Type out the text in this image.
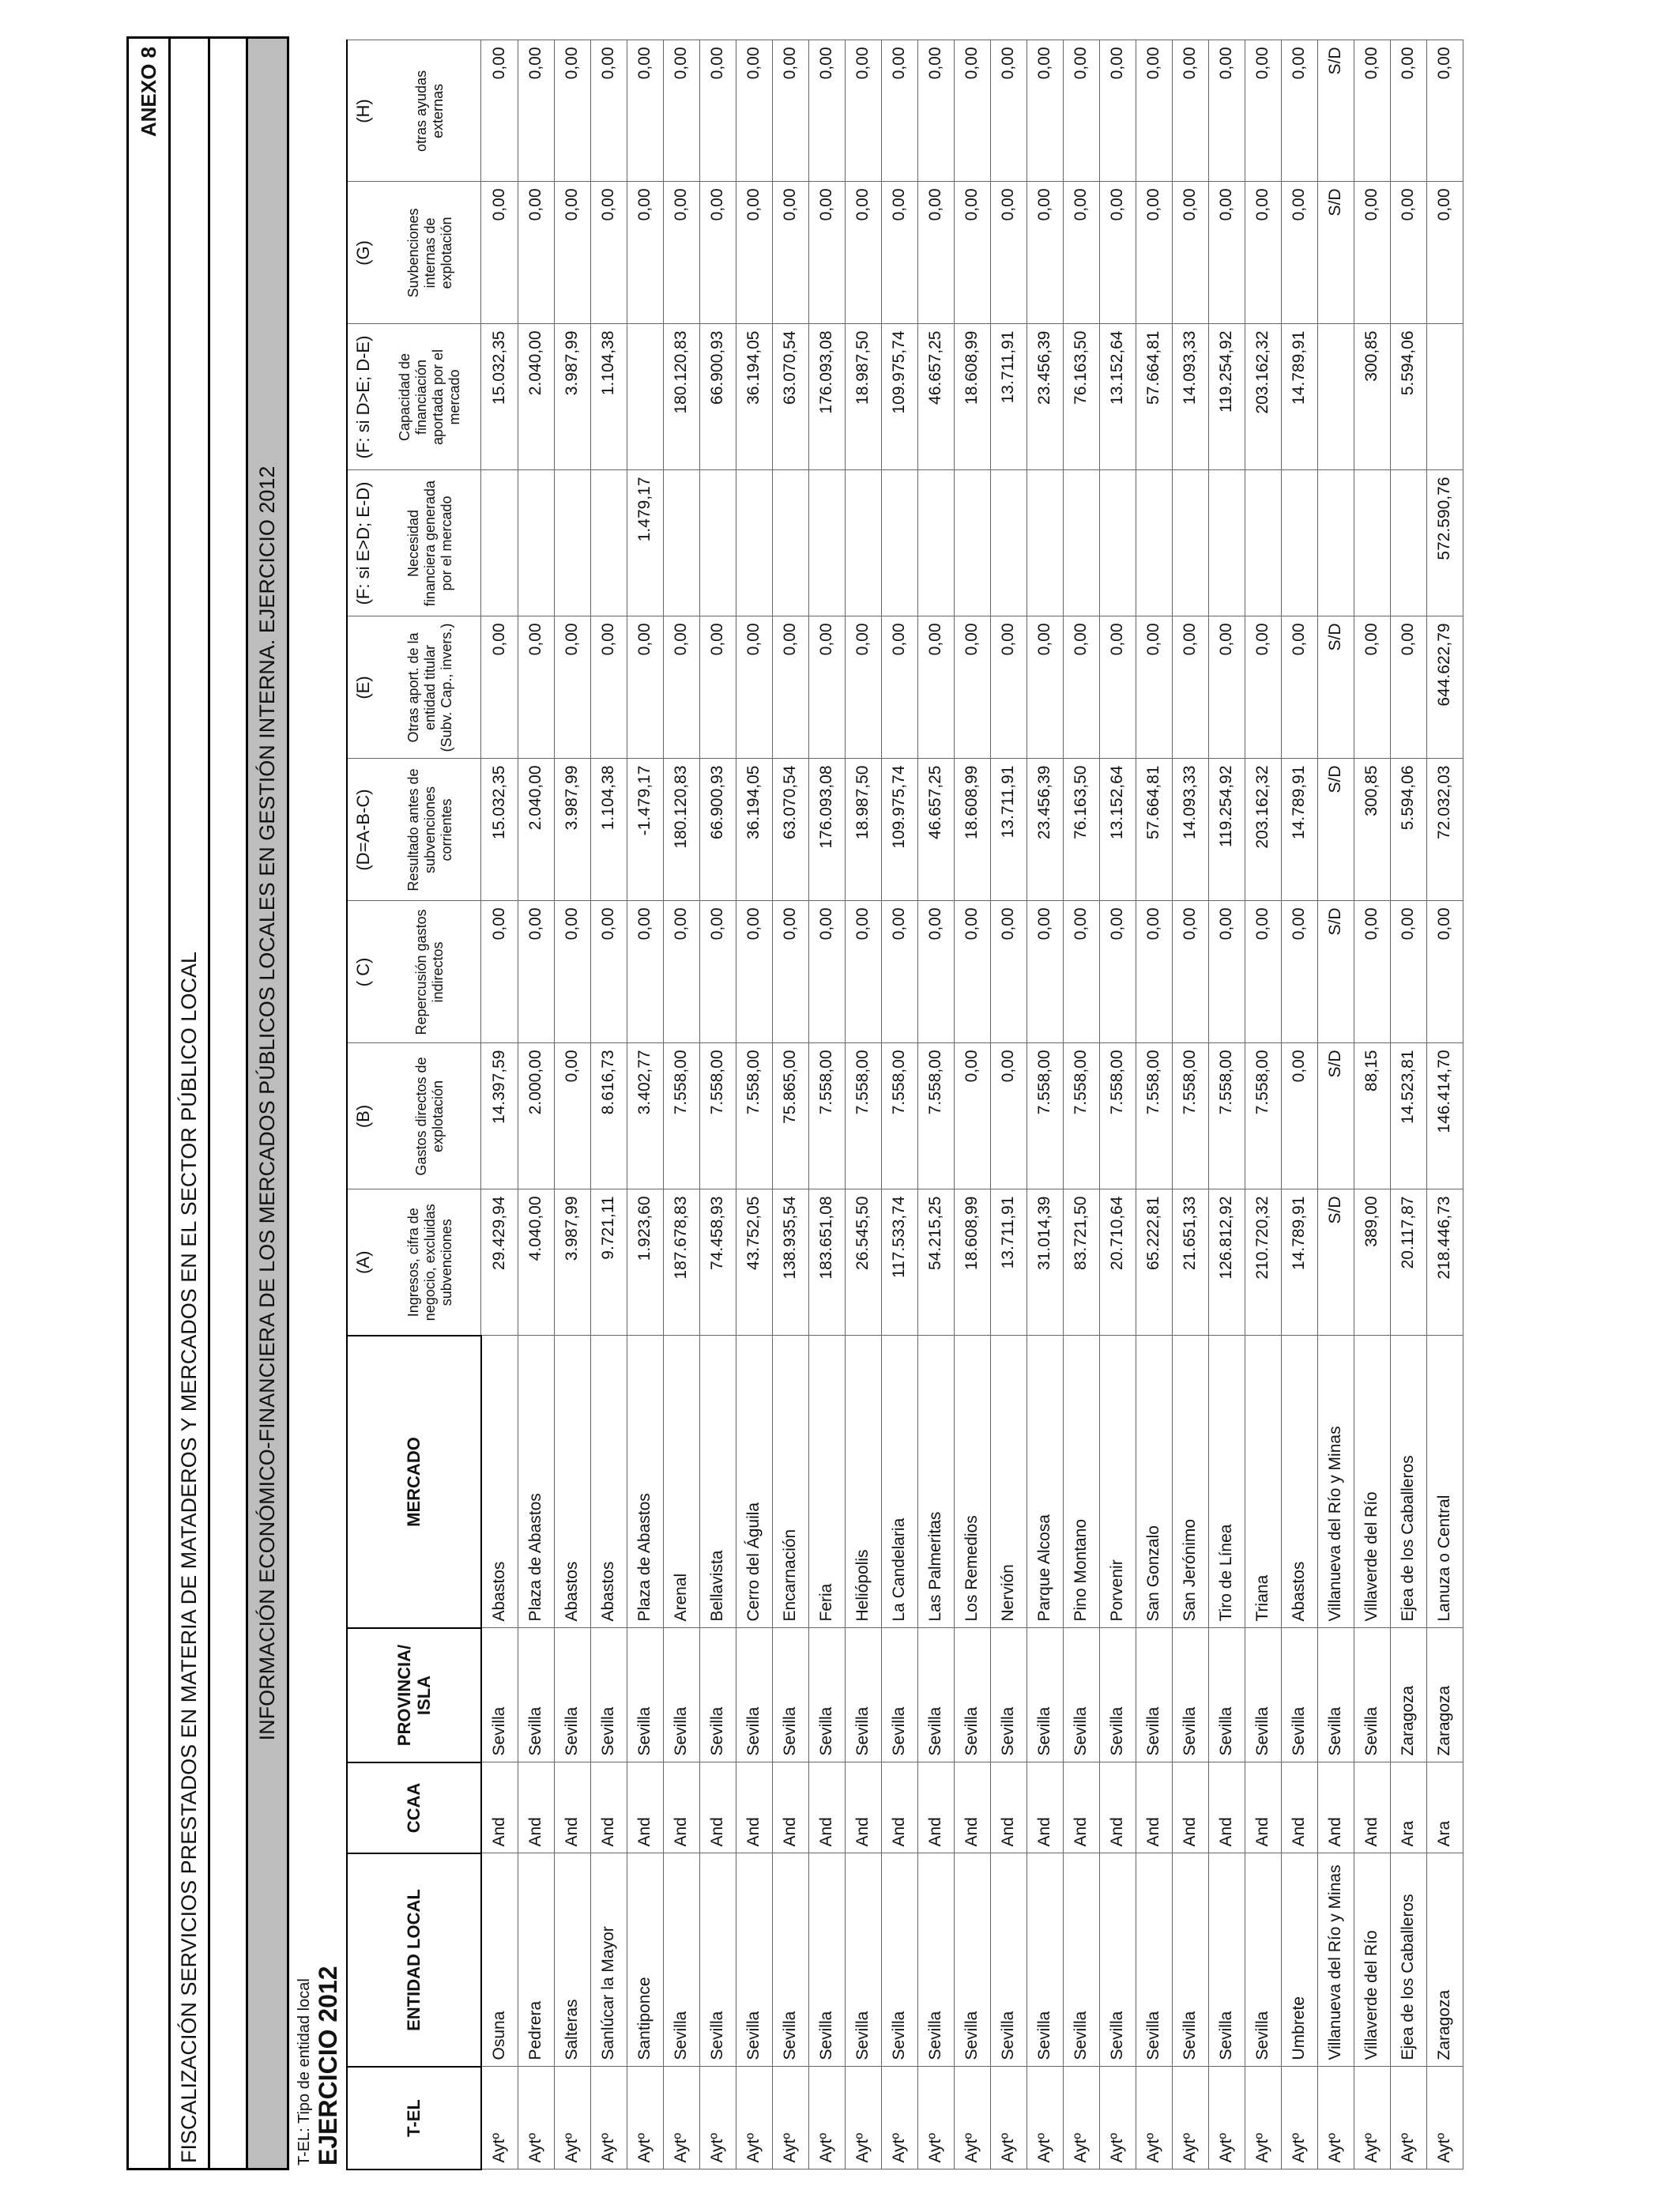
ANEXO 8
FISCALIZACIÓN SERVICIOS PRESTADOS EN MATERIA DE MATADEROS Y MERCADOS EN EL SECTOR PÚBLICO LOCAL	INFORMACIÓN ECONÓMICO-FINANCIERA DE LOS MERCADOS PÚBLICOS LOCALES EN GESTIÓN INTERNA. EJERCICIO 2012
T-EL: Tipo de entidad local EJERCICIO 2012	T-EL	ENTIDAD LOCAL	CCAA	PROVINCIA/ ISLA	MERCADO	(A)	(B)	( C)	(D=A-B-C)	(E)	(F: si E>D; E-D)	(F: si D>E; D-E)	(G)	(H)
					Ingresos, cifra de negocio, excluidas subvenciones	Gastos directos de explotación	Repercusión gastos indirectos	Resultado antes de subvenciones corrientes	Otras aport. de la entidad titular (Subv. Cap., invers.)	Necesidad financiera generada por el mercado	Capacidad de financiación aportada por el mercado	Suvbenciones internas de explotación	otras ayudas externas
Aytº	Osuna	And	Sevilla	Abastos	29.429,94	14.397,59	0,00	15.032,35	0,00		15.032,35	0,00	0,00
Aytº	Pedrera	And	Sevilla	Plaza de Abastos	4.040,00	2.000,00	0,00	2.040,00	0,00		2.040,00	0,00	0,00
Aytº	Salteras	And	Sevilla	Abastos	3.987,99	0,00	0,00	3.987,99	0,00		3.987,99	0,00	0,00
Aytº	Sanlúcar la Mayor	And	Sevilla	Abastos	9.721,11	8.616,73	0,00	1.104,38	0,00		1.104,38	0,00	0,00
Aytº	Santiponce	And	Sevilla	Plaza de Abastos	1.923,60	3.402,77	0,00	-1.479,17	0,00	1.479,17		0,00	0,00
Aytº	Sevilla	And	Sevilla	Arenal	187.678,83	7.558,00	0,00	180.120,83	0,00		180.120,83	0,00	0,00
Aytº	Sevilla	And	Sevilla	Bellavista	74.458,93	7.558,00	0,00	66.900,93	0,00		66.900,93	0,00	0,00
Aytº	Sevilla	And	Sevilla	Cerro del Águila	43.752,05	7.558,00	0,00	36.194,05	0,00		36.194,05	0,00	0,00
Aytº	Sevilla	And	Sevilla	Encarnación	138.935,54	75.865,00	0,00	63.070,54	0,00		63.070,54	0,00	0,00
Aytº	Sevilla	And	Sevilla	Feria	183.651,08	7.558,00	0,00	176.093,08	0,00		176.093,08	0,00	0,00
Aytº	Sevilla	And	Sevilla	Heliópolis	26.545,50	7.558,00	0,00	18.987,50	0,00		18.987,50	0,00	0,00
Aytº	Sevilla	And	Sevilla	La Candelaria	117.533,74	7.558,00	0,00	109.975,74	0,00		109.975,74	0,00	0,00
Aytº	Sevilla	And	Sevilla	Las Palmeritas	54.215,25	7.558,00	0,00	46.657,25	0,00		46.657,25	0,00	0,00
Aytº	Sevilla	And	Sevilla	Los Remedios	18.608,99	0,00	0,00	18.608,99	0,00		18.608,99	0,00	0,00
Aytº	Sevilla	And	Sevilla	Nervión	13.711,91	0,00	0,00	13.711,91	0,00		13.711,91	0,00	0,00
Aytº	Sevilla	And	Sevilla	Parque Alcosa	31.014,39	7.558,00	0,00	23.456,39	0,00		23.456,39	0,00	0,00
Aytº	Sevilla	And	Sevilla	Pino Montano	83.721,50	7.558,00	0,00	76.163,50	0,00		76.163,50	0,00	0,00
Aytº	Sevilla	And	Sevilla	Porvenir	20.710,64	7.558,00	0,00	13.152,64	0,00		13.152,64	0,00	0,00
Aytº	Sevilla	And	Sevilla	San Gonzalo	65.222,81	7.558,00	0,00	57.664,81	0,00		57.664,81	0,00	0,00
Aytº	Sevilla	And	Sevilla	San Jerónimo	21.651,33	7.558,00	0,00	14.093,33	0,00		14.093,33	0,00	0,00
Aytº	Sevilla	And	Sevilla	Tiro de Línea	126.812,92	7.558,00	0,00	119.254,92	0,00		119.254,92	0,00	0,00
Aytº	Sevilla	And	Sevilla	Triana	210.720,32	7.558,00	0,00	203.162,32	0,00		203.162,32	0,00	0,00
Aytº	Umbrete	And	Sevilla	Abastos	14.789,91	0,00	0,00	14.789,91	0,00		14.789,91	0,00	0,00
Aytº	Villanueva del Río y Minas	And	Sevilla	Villanueva del Río y Minas	S/D	S/D	S/D	S/D	S/D			S/D	S/D
Aytº	Villaverde del Río	And	Sevilla	Villaverde del Río	389,00	88,15	0,00	300,85	0,00		300,85	0,00	0,00
Aytº	Ejea de los Caballeros	Ara	Zaragoza	Ejea de los Caballeros	20.117,87	14.523,81	0,00	5.594,06	0,00		5.594,06	0,00	0,00
Aytº	Zaragoza	Ara	Zaragoza	Lanuza o Central	218.446,73	146.414,70	0,00	72.032,03	644.622,79	572.590,76		0,00	0,00
